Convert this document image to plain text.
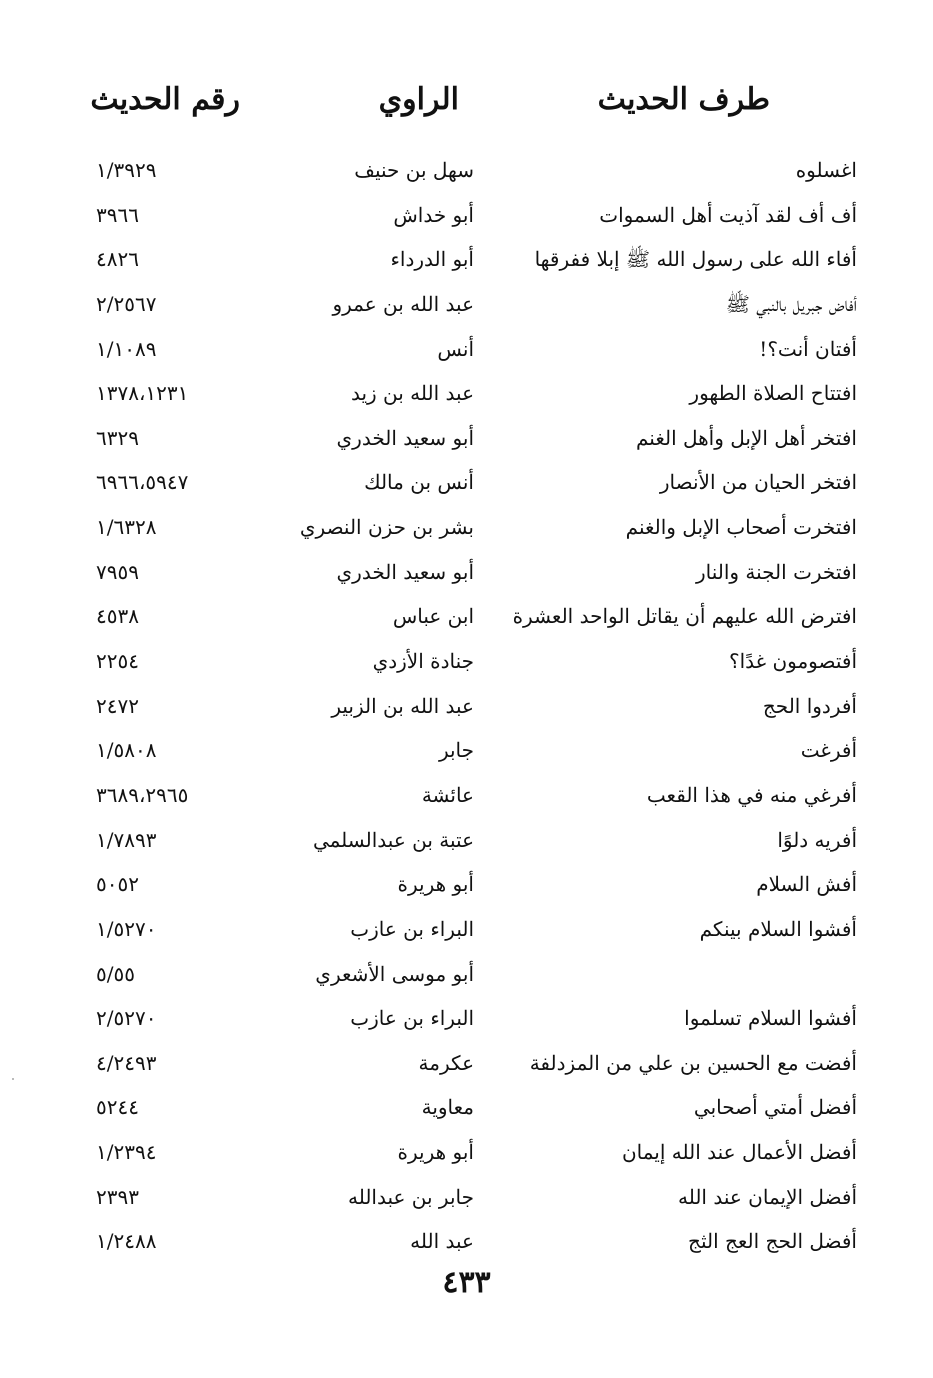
طرف الحديث
الراوي
رقم الحديث
اغسلوه
سهل بن حنيف
١/٣٩٢٩
أف أف لقد آذيت أهل السموات
أبو خداش
٣٩٦٦
أفاء الله على رسول الله ﷺ إبلا ففرقها
أبو الدرداء
٤٨٢٦
أفاض جبريل بالنبي ﷺ
عبد الله بن عمرو
٢/٢٥٦٧
أفتان أنت؟!
أنس
١/١٠٨٩
افتتاح الصلاة الطهور
عبد الله بن زيد
١٣٧٨،١٢٣١
افتخر أهل الإبل وأهل الغنم
أبو سعيد الخدري
٦٣٢٩
افتخر الحيان من الأنصار
أنس بن مالك
٦٩٦٦،٥٩٤٧
افتخرت أصحاب الإبل والغنم
بشر بن حزن النصري
١/٦٣٢٨
افتخرت الجنة والنار
أبو سعيد الخدري
٧٩٥٩
افترض الله عليهم أن يقاتل الواحد العشرة
ابن عباس
٤٥٣٨
أفتصومون غدًا؟
جنادة الأزدي
٢٢٥٤
أفردوا الحج
عبد الله بن الزبير
٢٤٧٢
أفرغت
جابر
١/٥٨٠٨
أفرغي منه في هذا القعب
عائشة
٣٦٨٩،٢٩٦٥
أفريه دلوًا
عتبة بن عبدالسلمي
١/٧٨٩٣
أفش السلام
أبو هريرة
٥٠٥٢
أفشوا السلام بينكم
البراء بن عازب
١/٥٢٧٠
أبو موسى الأشعري
٥/٥٥
أفشوا السلام تسلموا
البراء بن عازب
٢/٥٢٧٠
أفضت مع الحسين بن علي من المزدلفة
عكرمة
٤/٢٤٩٣
أفضل أمتي أصحابي
معاوية
٥٢٤٤
أفضل الأعمال عند الله إيمان
أبو هريرة
١/٢٣٩٤
أفضل الإيمان عند الله
جابر بن عبدالله
٢٣٩٣
أفضل الحج العج الثج
عبد الله
١/٢٤٨٨
٤٣٣
